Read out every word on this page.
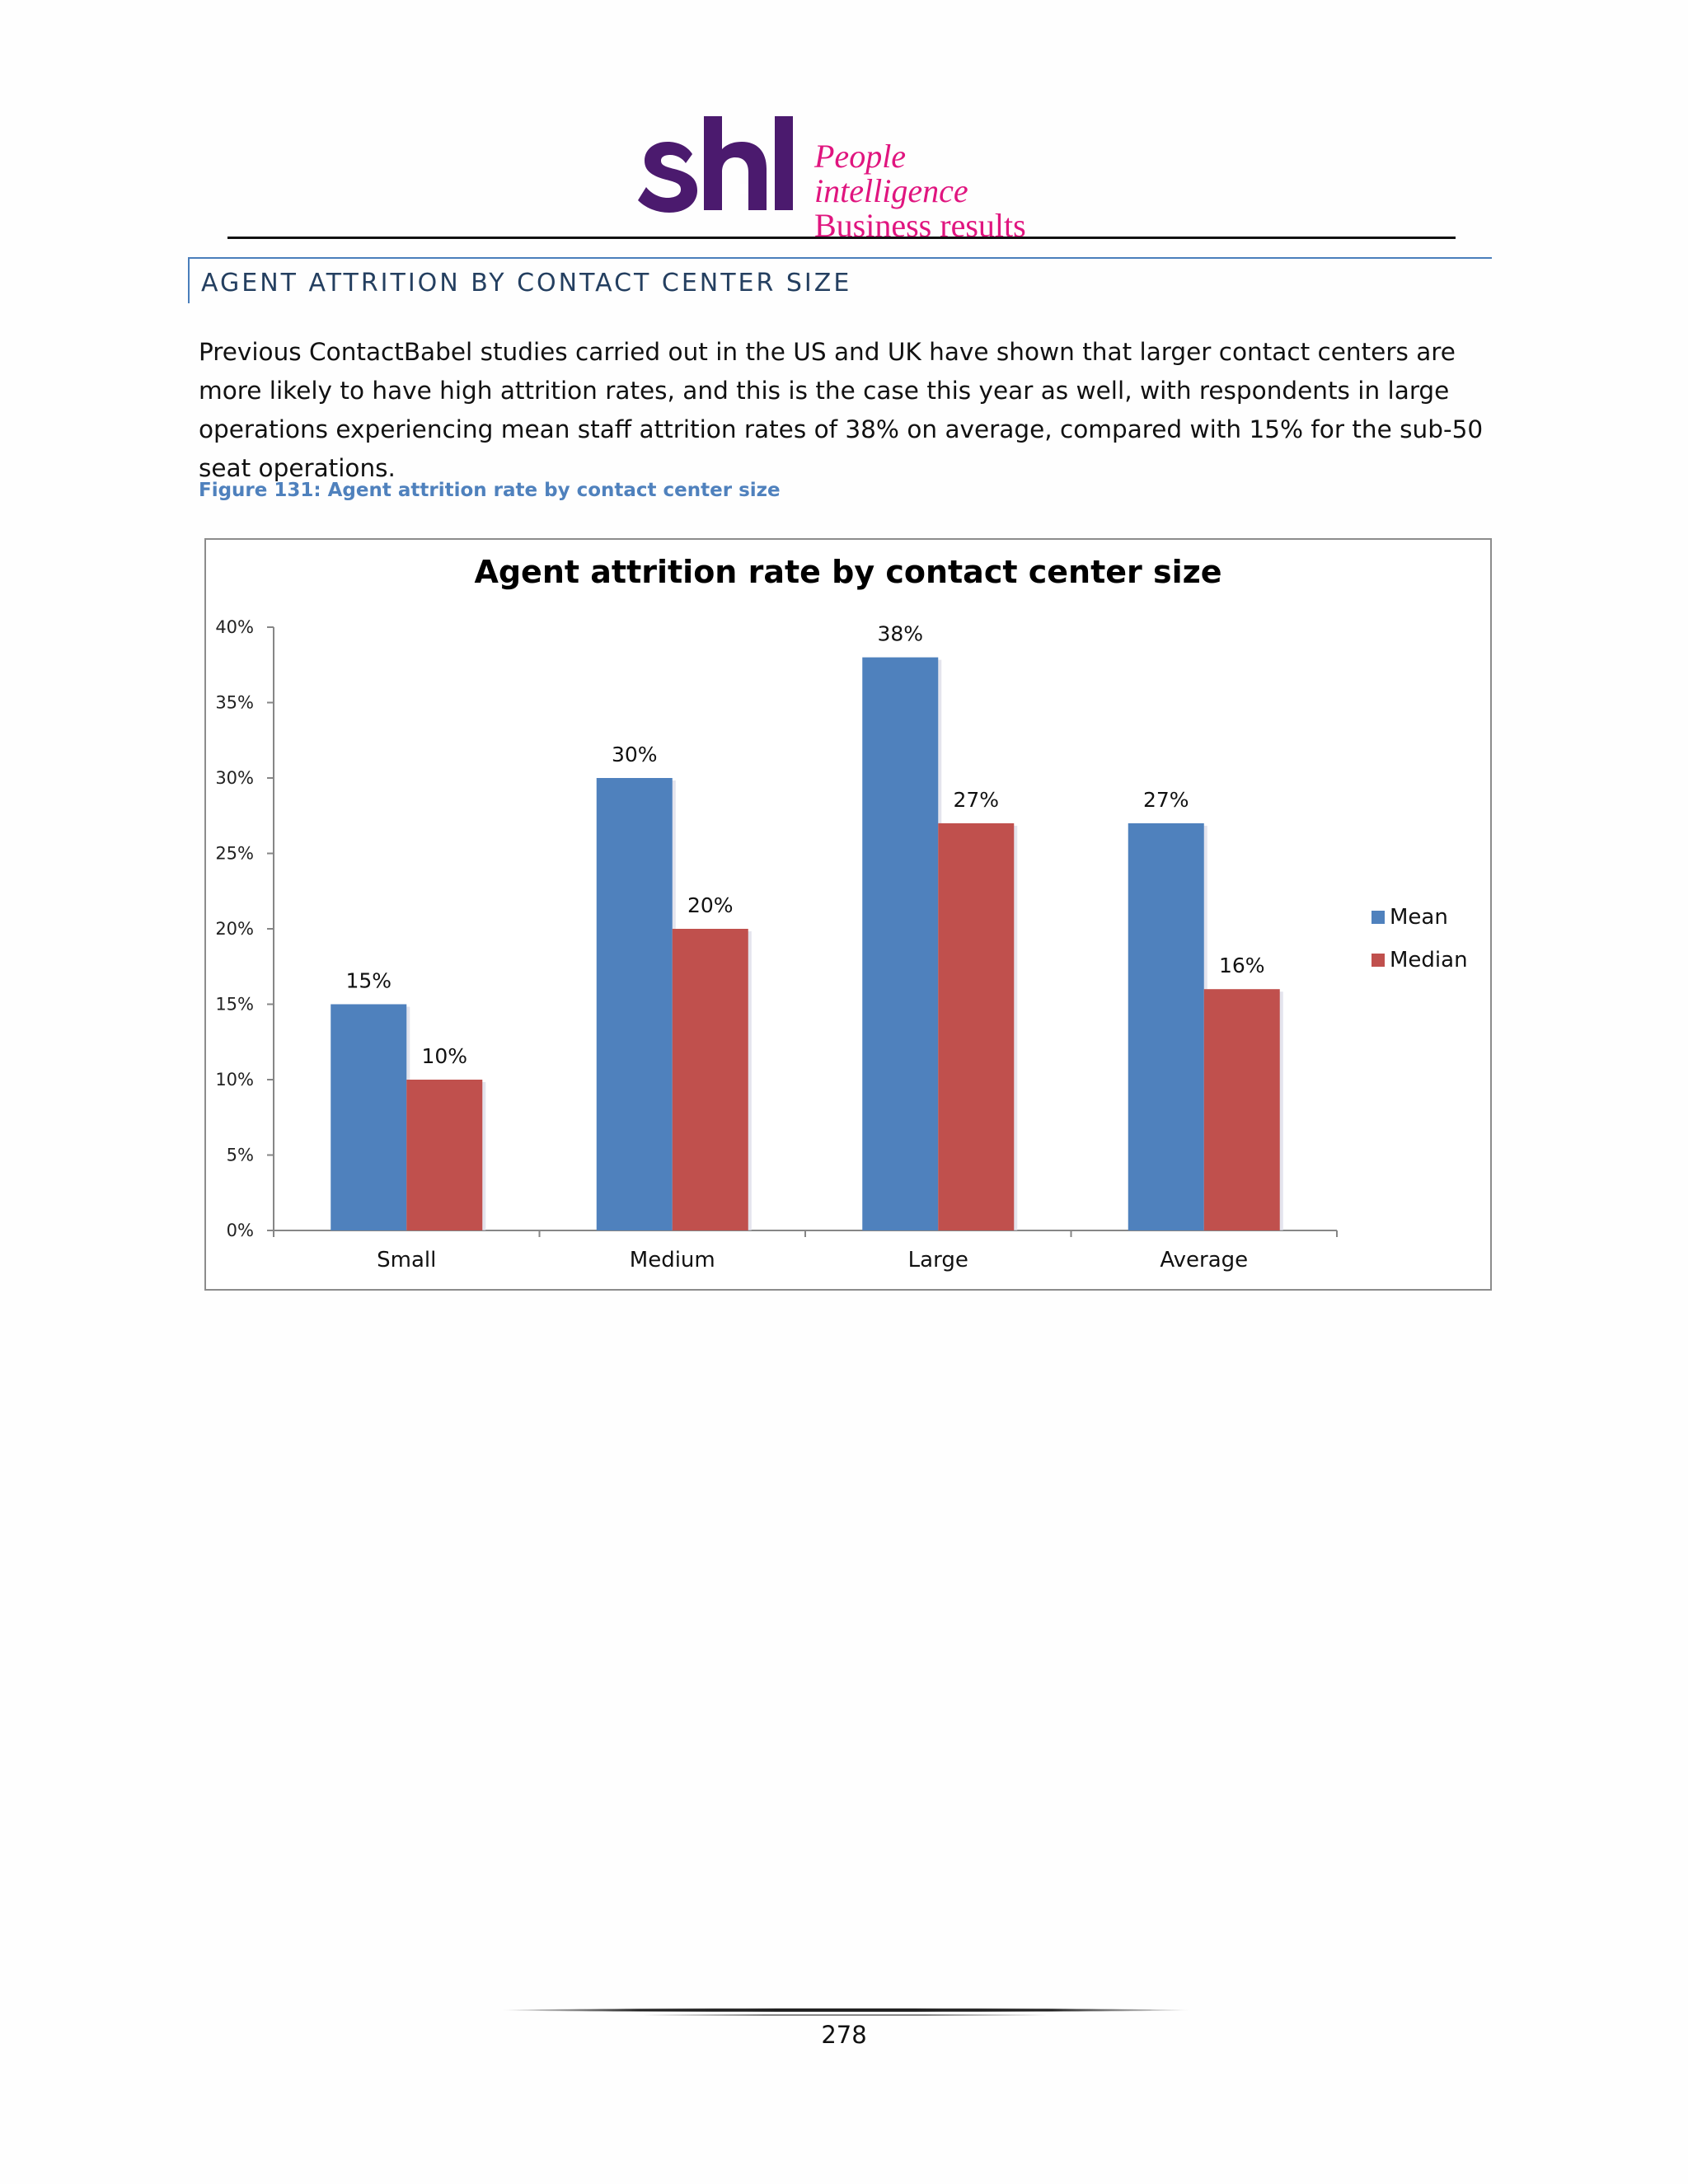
People intelligence
Business results
AGENT ATTRITION BY CONTACT CENTER SIZE

Previous ContactBabel studies carried out in the US and UK have shown that larger contact centers are more likely to have high attrition rates, and this is the case this year as well, with respondents in large operations experiencing mean staff attrition rates of 38% on average, compared with 15% for the sub-50 seat operations.

Figure 131: Agent attrition rate by contact center size
Agent attrition rate by contact center size
0%
5%
10%
15%
20%
25%
30%
35%
40%
Small
15%
10%
Medium
30%
20%
Large
38%
27%
Average
27%
16%
Mean
Median
278
